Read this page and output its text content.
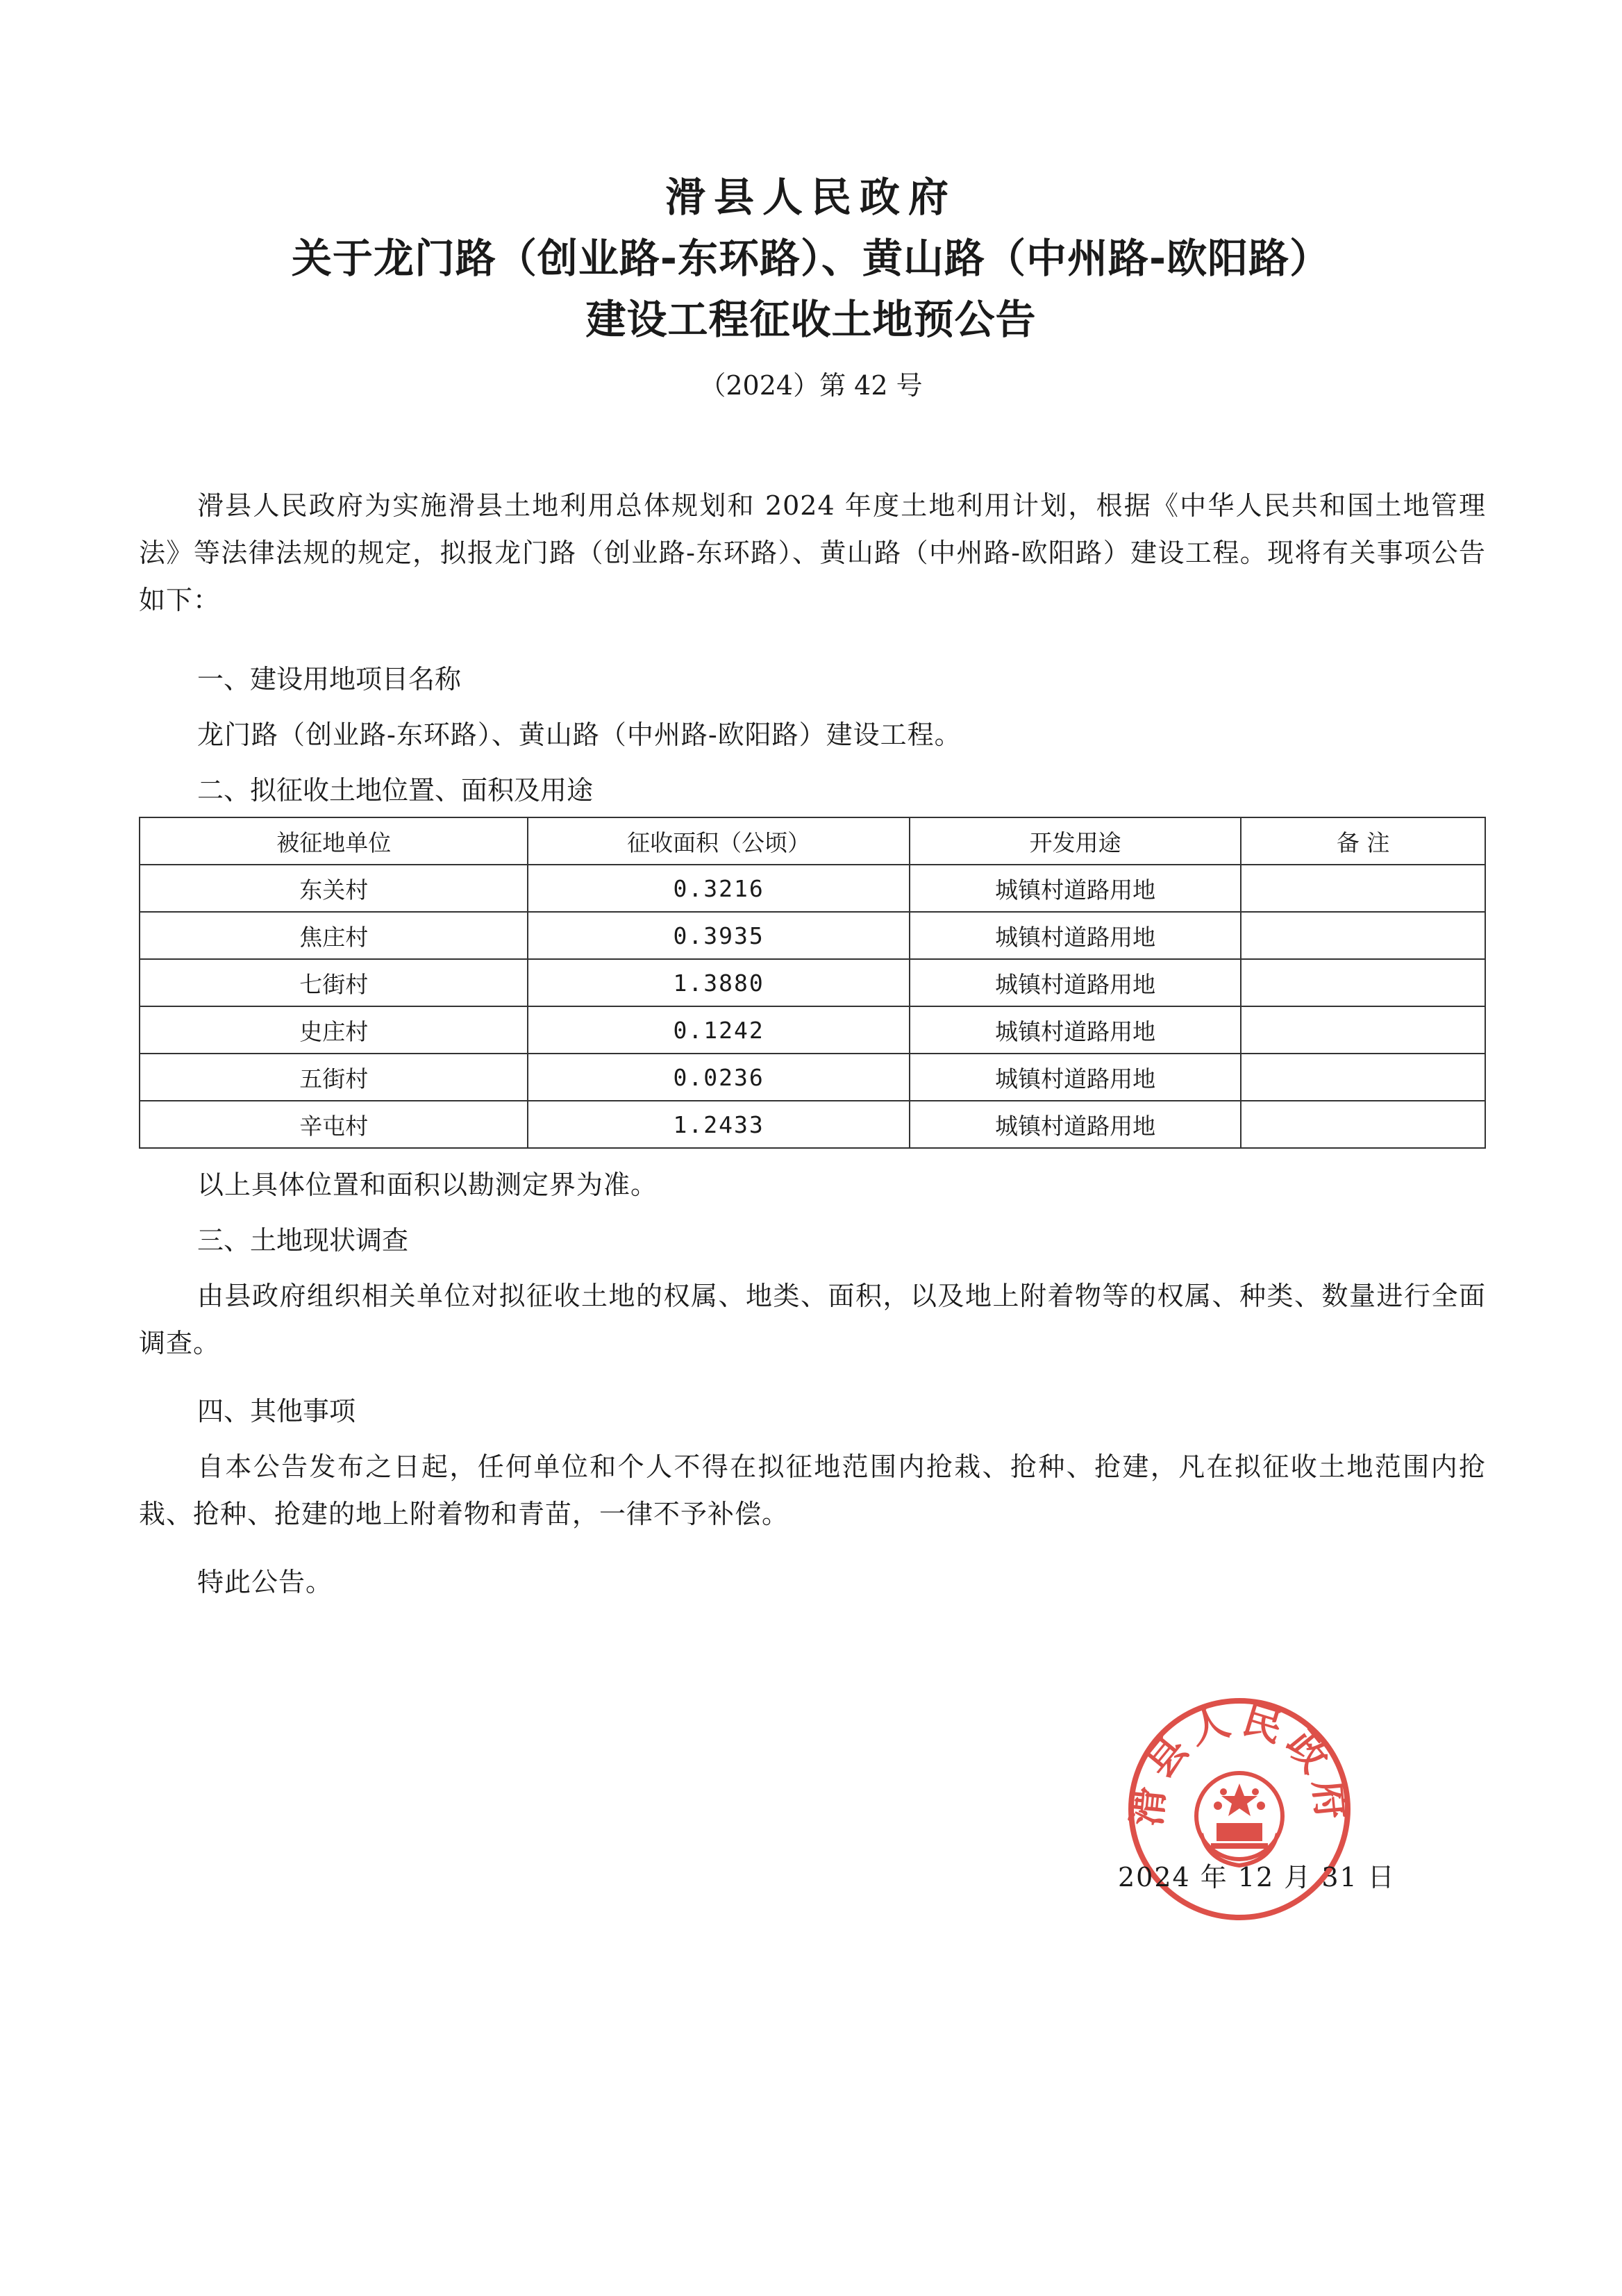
滑县人民政府
关于龙门路（创业路-东环路）、黄山路（中州路-欧阳路）
建设工程征收土地预公告
（2024）第 42 号

滑县人民政府为实施滑县土地利用总体规划和 2024 年度土地利用计划，根据《中华人民共和国土地管理法》等法律法规的规定，拟报龙门路（创业路-东环路）、黄山路（中州路-欧阳路）建设工程。现将有关事项公告如下：

一、建设用地项目名称

龙门路（创业路-东环路）、黄山路（中州路-欧阳路）建设工程。

二、拟征收土地位置、面积及用途

被征地单位	征收面积（公顷）	开发用途	备 注
东关村	0.3216	城镇村道路用地	
焦庄村	0.3935	城镇村道路用地	
七街村	1.3880	城镇村道路用地	
史庄村	0.1242	城镇村道路用地	
五街村	0.0236	城镇村道路用地	
辛屯村	1.2433	城镇村道路用地	

以上具体位置和面积以勘测定界为准。

三、土地现状调查

由县政府组织相关单位对拟征收土地的权属、地类、面积，以及地上附着物等的权属、种类、数量进行全面调查。

四、其他事项

自本公告发布之日起，任何单位和个人不得在拟征地范围内抢栽、抢种、抢建，凡在拟征收土地范围内抢栽、抢种、抢建的地上附着物和青苗，一律不予补偿。

特此公告。

滑县人民政府
2024 年 12 月 31 日
